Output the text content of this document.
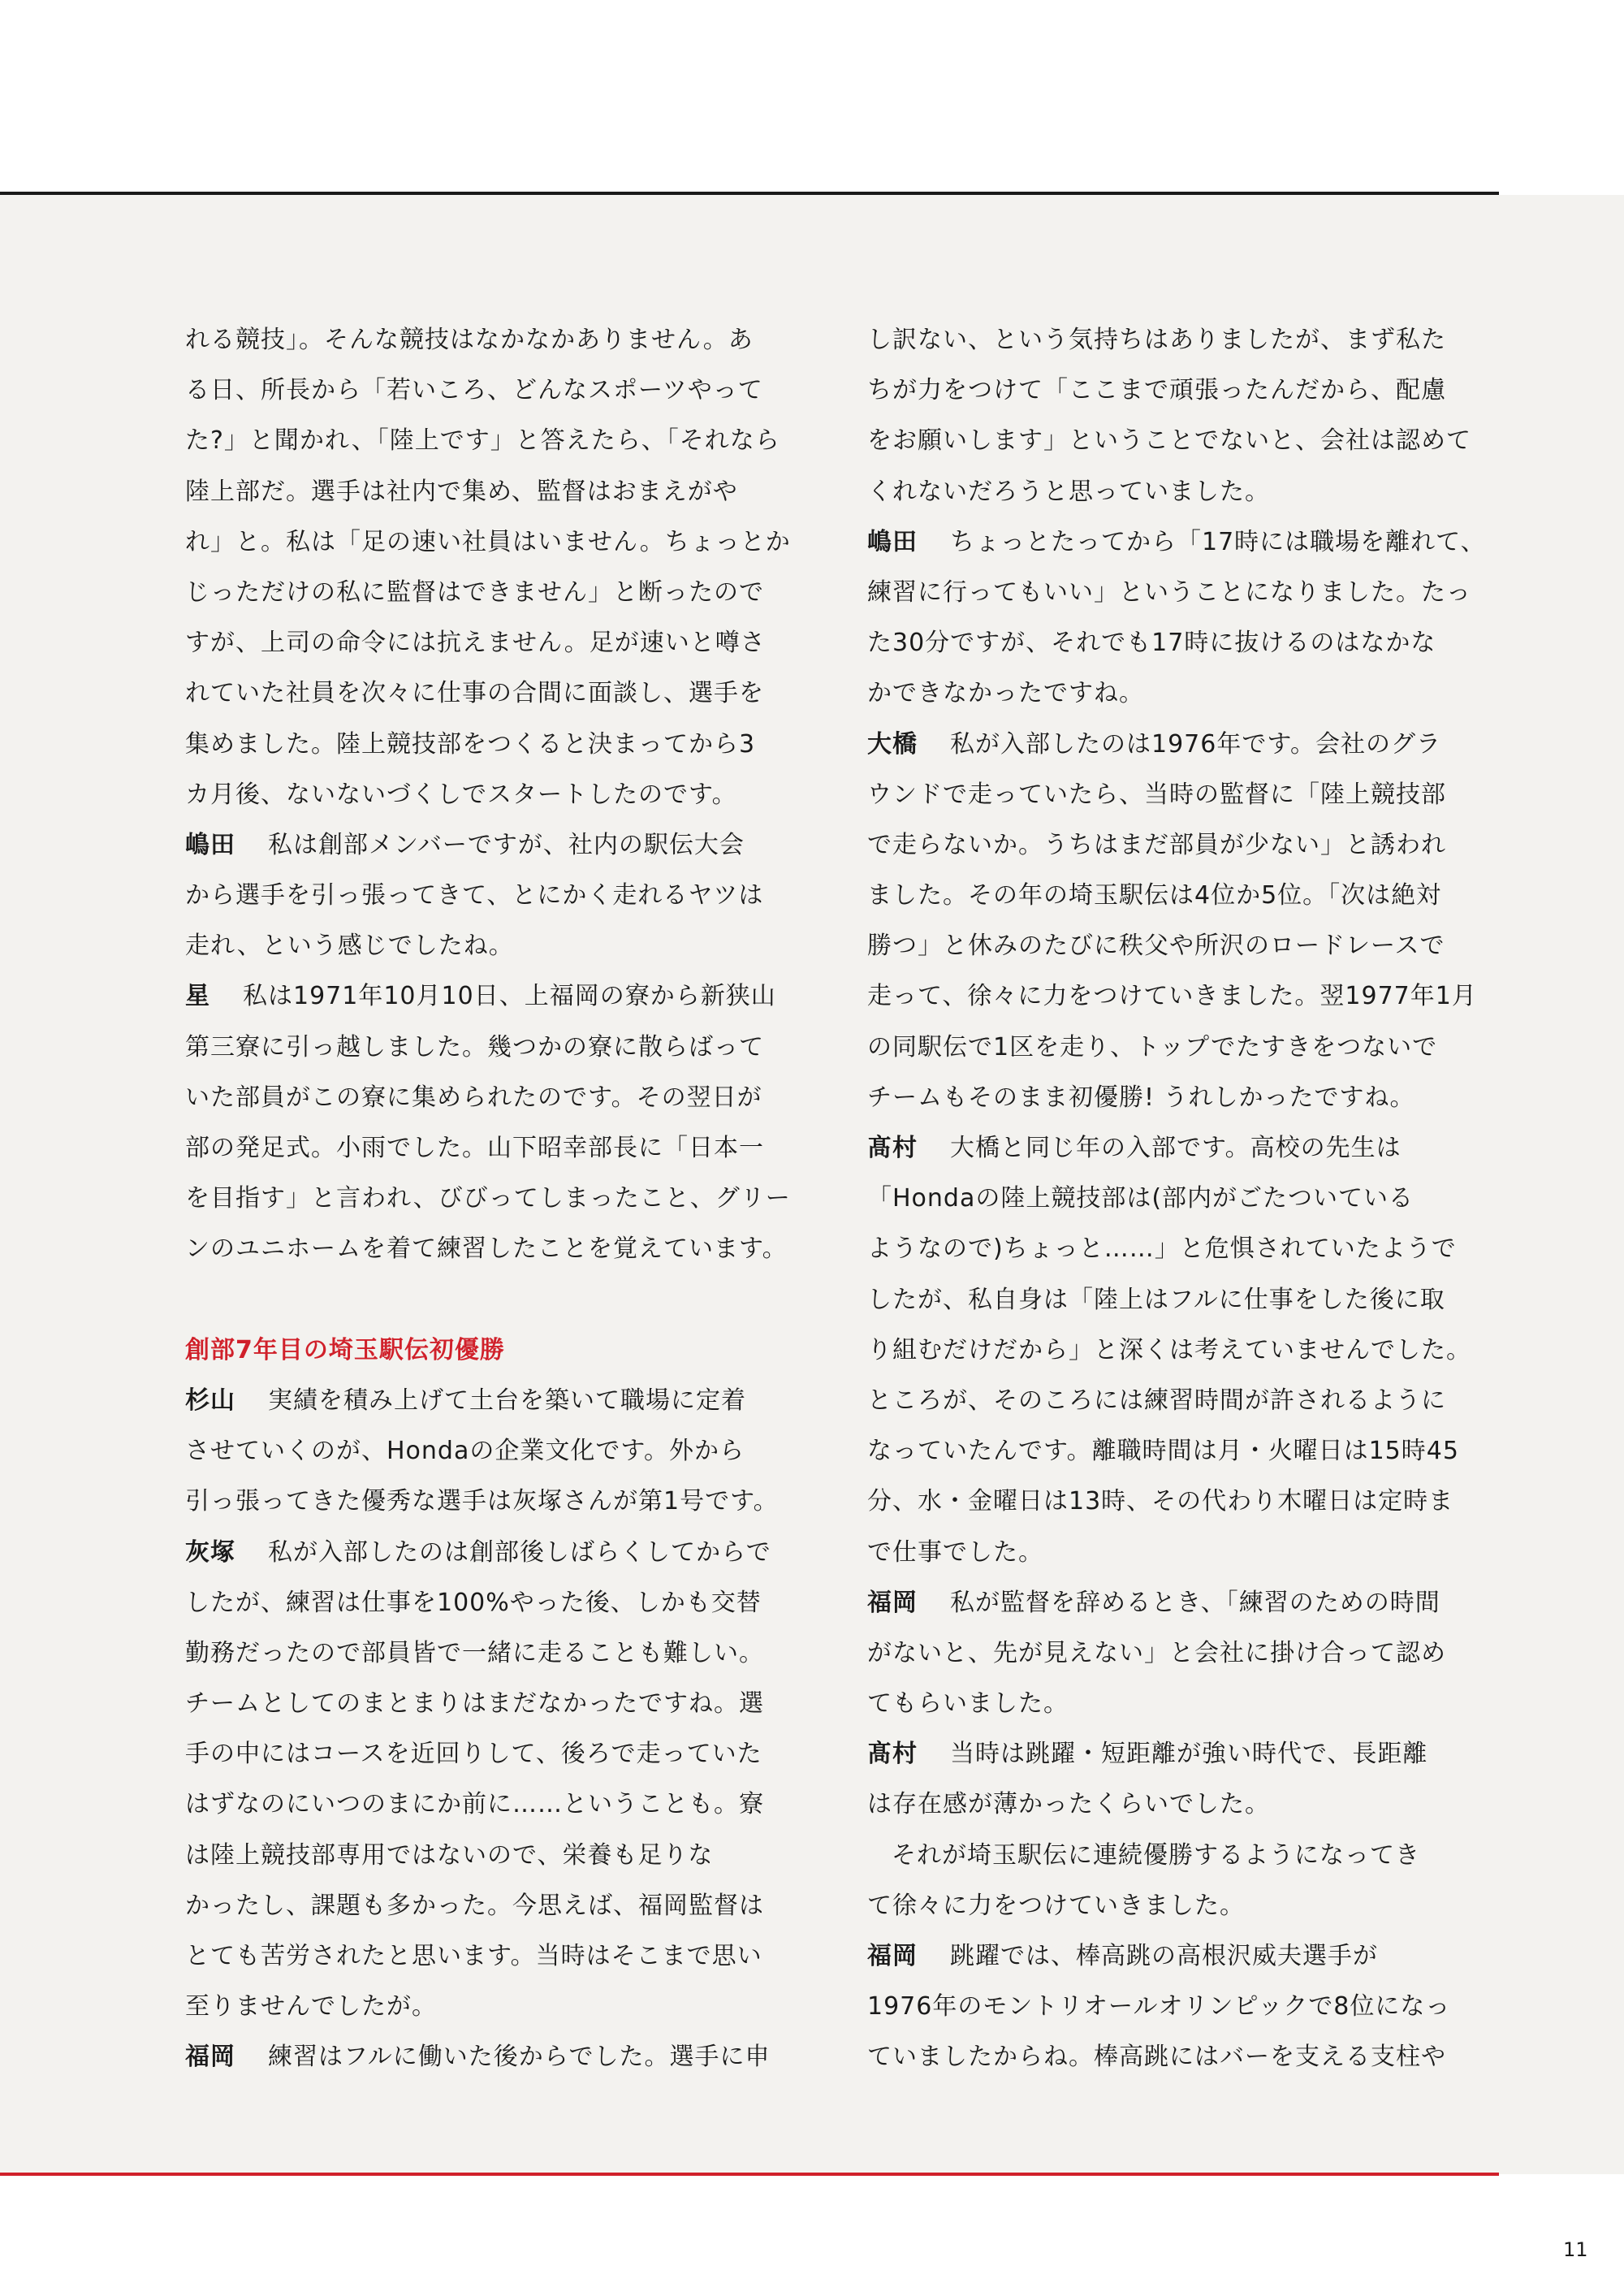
れる競技」。そんな競技はなかなかありません。あ
る日、所長から「若いころ、どんなスポーツやって
た?」と聞かれ、「陸上です」と答えたら、「それなら
陸上部だ。選手は社内で集め、監督はおまえがや
れ」と。私は「足の速い社員はいません。ちょっとか
じっただけの私に監督はできません」と断ったので
すが、上司の命令には抗えません。足が速いと噂さ
れていた社員を次々に仕事の合間に面談し、選手を
集めました。陸上競技部をつくると決まってから3
カ月後、ないないづくしでスタートしたのです。
嶋田 私は創部メンバーですが、社内の駅伝大会
から選手を引っ張ってきて、とにかく走れるヤツは
走れ、という感じでしたね。
星 私は1971年10月10日、上福岡の寮から新狭山
第三寮に引っ越しました。幾つかの寮に散らばって
いた部員がこの寮に集められたのです。その翌日が
部の発足式。小雨でした。山下昭幸部長に「日本一
を目指す」と言われ、びびってしまったこと、グリー
ンのユニホームを着て練習したことを覚えています。
創部7年目の埼玉駅伝初優勝
杉山 実績を積み上げて土台を築いて職場に定着
させていくのが、Hondaの企業文化です。外から
引っ張ってきた優秀な選手は灰塚さんが第1号です。
灰塚 私が入部したのは創部後しばらくしてからで
したが、練習は仕事を100%やった後、しかも交替
勤務だったので部員皆で一緒に走ることも難しい。
チームとしてのまとまりはまだなかったですね。選
手の中にはコースを近回りして、後ろで走っていた
はずなのにいつのまにか前に……ということも。寮
は陸上競技部専用ではないので、栄養も足りな
かったし、課題も多かった。今思えば、福岡監督は
とても苦労されたと思います。当時はそこまで思い
至りませんでしたが。
福岡 練習はフルに働いた後からでした。選手に申
し訳ない、という気持ちはありましたが、まず私た
ちが力をつけて「ここまで頑張ったんだから、配慮
をお願いします」ということでないと、会社は認めて
くれないだろうと思っていました。
嶋田 ちょっとたってから「17時には職場を離れて、
練習に行ってもいい」ということになりました。たっ
た30分ですが、それでも17時に抜けるのはなかな
かできなかったですね。
大橋 私が入部したのは1976年です。会社のグラ
ウンドで走っていたら、当時の監督に「陸上競技部
で走らないか。うちはまだ部員が少ない」と誘われ
ました。その年の埼玉駅伝は4位か5位。「次は絶対
勝つ」と休みのたびに秩父や所沢のロードレースで
走って、徐々に力をつけていきました。翌1977年1月
の同駅伝で1区を走り、トップでたすきをつないで
チームもそのまま初優勝! うれしかったですね。
髙村 大橋と同じ年の入部です。高校の先生は
「Hondaの陸上競技部は(部内がごたついている
ようなので)ちょっと……」と危惧されていたようで
したが、私自身は「陸上はフルに仕事をした後に取
り組むだけだから」と深くは考えていませんでした。
ところが、そのころには練習時間が許されるように
なっていたんです。離職時間は月・火曜日は15時45
分、水・金曜日は13時、その代わり木曜日は定時ま
で仕事でした。
福岡 私が監督を辞めるとき、「練習のための時間
がないと、先が見えない」と会社に掛け合って認め
てもらいました。
髙村 当時は跳躍・短距離が強い時代で、長距離
は存在感が薄かったくらいでした。
それが埼玉駅伝に連続優勝するようになってき
て徐々に力をつけていきました。
福岡 跳躍では、棒高跳の高根沢威夫選手が
1976年のモントリオールオリンピックで8位になっ
ていましたからね。棒高跳にはバーを支える支柱や
11
